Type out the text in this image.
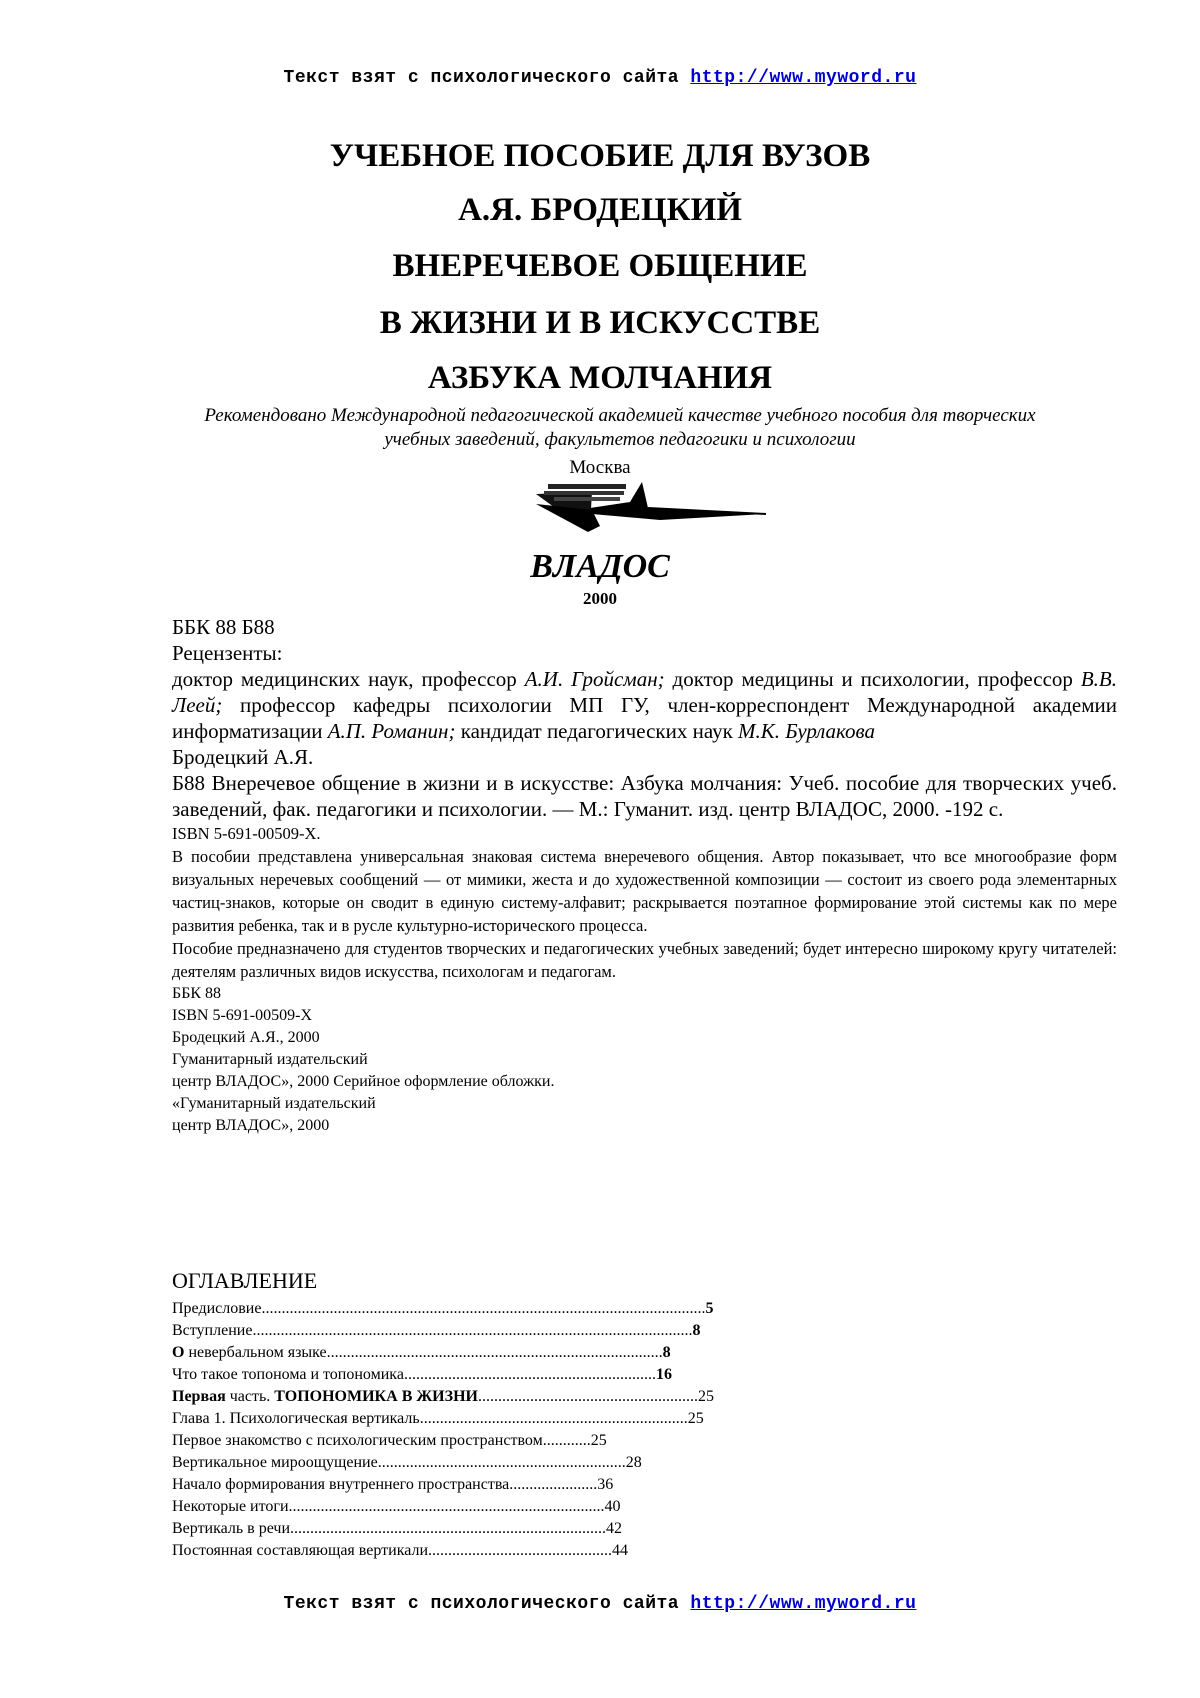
Текст взят с психологического сайта http://www.myword.ru
УЧЕБНОЕ ПОСОБИЕ ДЛЯ ВУЗОВ
А.Я. БРОДЕЦКИЙ
ВНЕРЕЧЕВОЕ ОБЩЕНИЕ
В ЖИЗНИ И В ИСКУССТВЕ
АЗБУКА МОЛЧАНИЯ
Рекомендовано Международной педагогической академией качестве учебного пособия для творческих учебных заведений, факультетов педагогики и психологии
Москва
ВЛАДОС
2000

ББК 88 Б88

Рецензенты:

доктор медицинских наук, профессор А.И. Гройсман; доктор медицины и психологии, профессор В.В. Леей; профессор кафедры психологии МП ГУ, член-корреспондент Международной академии информатизации А.П. Романин; кандидат педагогических наук М.К. Бурлакова

Бродецкий А.Я.

Б88 Внеречевое общение в жизни и в искусстве: Азбука молчания: Учеб. пособие для творческих учеб. заведений, фак. педагогики и психологии. — М.: Гуманит. изд. центр ВЛАДОС, 2000. -192 с.

ISBN 5-691-00509-X.

В пособии представлена универсальная знаковая система внеречевого общения. Автор показывает, что все многообразие форм визуальных неречевых сообщений — от мимики, жеста и до художественной композиции — состоит из своего рода элементарных частиц-знаков, которые он сводит в единую систему-алфавит; раскрывается поэтапное формирование этой системы как по мере развития ребенка, так и в русле культурно-исторического процесса.

Пособие предназначено для студентов творческих и педагогических учебных заведений; будет интересно широкому кругу читателей: деятелям различных видов искусства, психологам и педагогам.

ББК 88

ISBN 5-691-00509-X

Бродецкий А.Я., 2000

Гуманитарный издательский

центр ВЛАДОС», 2000 Серийное оформление обложки.

«Гуманитарный издательский

центр ВЛАДОС», 2000

ОГЛАВЛЕНИЕ

Предисловие...............................................................................................................5
Вступление..............................................................................................................8
О невербальном языке....................................................................................8
Что такое топонома и топономика...............................................................16
Первая часть. ТОПОНОМИКА В ЖИЗНИ.......................................................25
Глава 1. Психологическая вертикаль...................................................................25
Первое знакомство с психологическим пространством............25
Вертикальное мироощущение..............................................................28
Начало формирования внутреннего пространства......................36
Некоторые итоги...............................................................................40
Вертикаль в речи...............................................................................42
Постоянная составляющая вертикали..............................................44
Текст взят с психологического сайта http://www.myword.ru
